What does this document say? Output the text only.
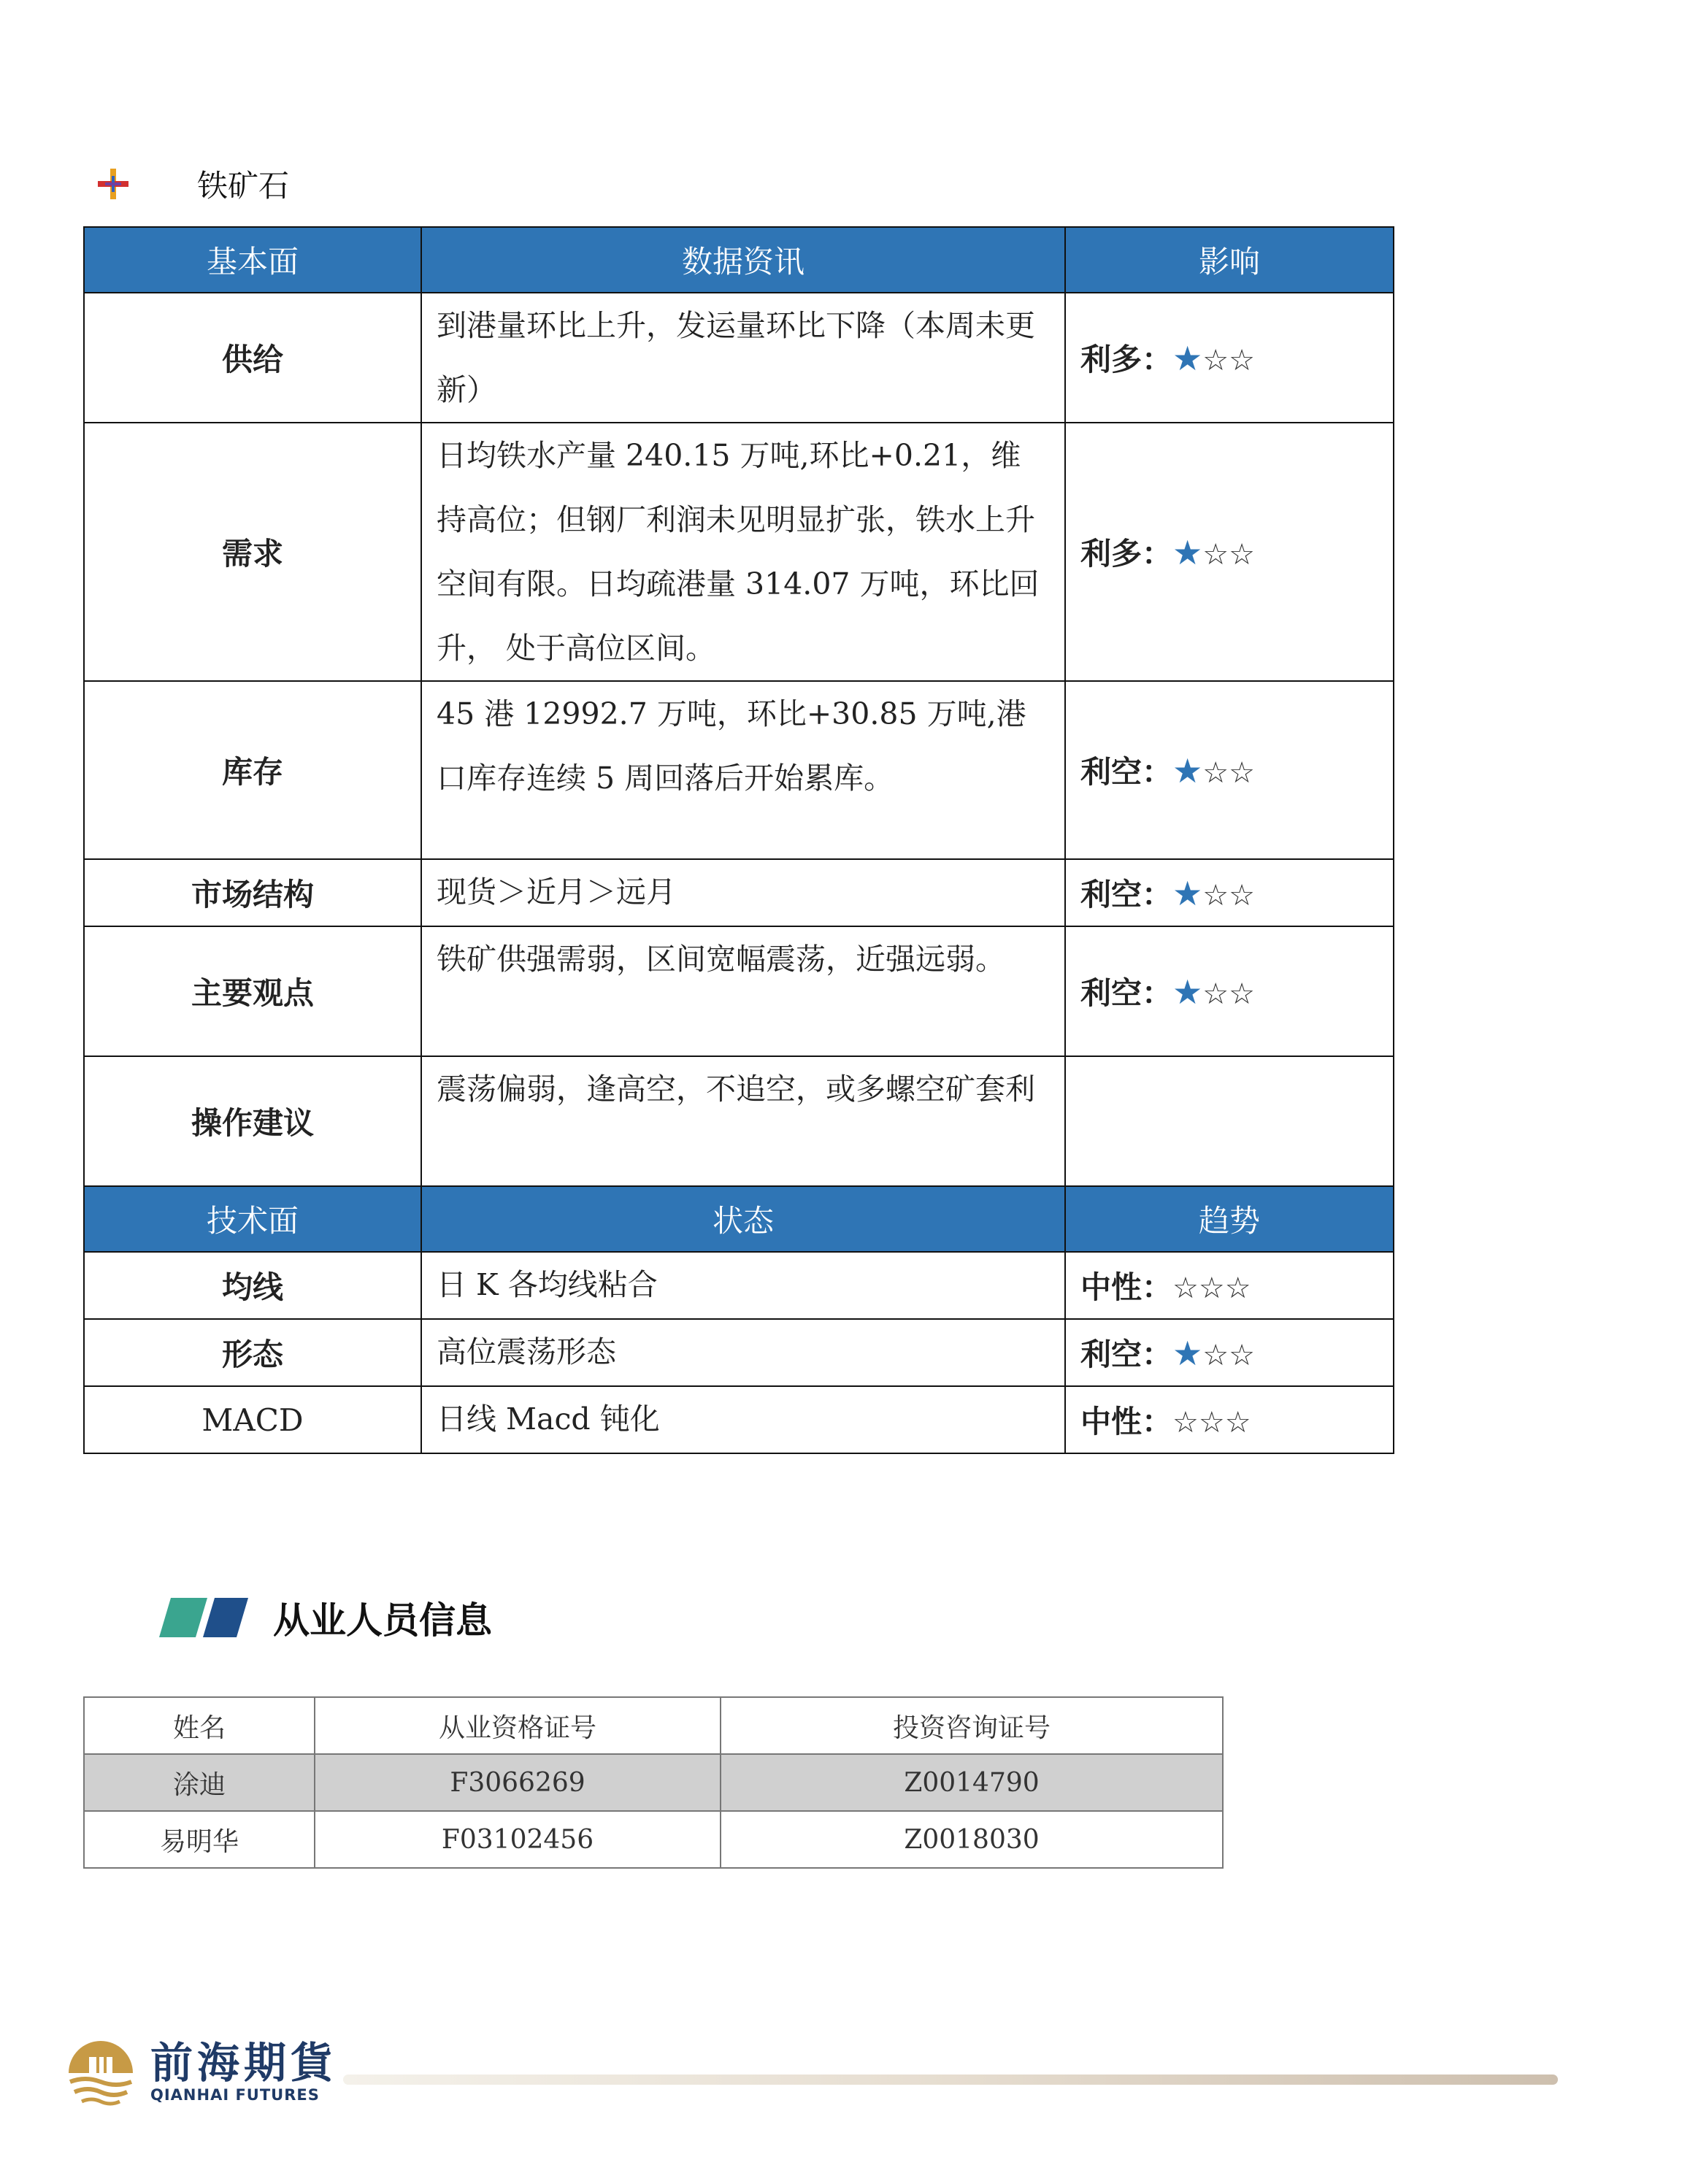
铁矿石
基本面	数据资讯	影响
供给	到港量环比上升，发运量环比下降（本周未更新）	利多：★☆☆
需求	日均铁水产量 240.15 万吨,环比+0.21，维持高位；但钢厂利润未见明显扩张，铁水上升空间有限。日均疏港量 314.07 万吨，环比回升， 处于高位区间。	利多：★☆☆
库存	45 港 12992.7 万吨，环比+30.85 万吨,港口库存连续 5 周回落后开始累库。	利空：★☆☆
市场结构	现货＞近月＞远月	利空：★☆☆
主要观点	铁矿供强需弱，区间宽幅震荡，近强远弱。	利空：★☆☆
操作建议	震荡偏弱，逢高空，不追空，或多螺空矿套利	
技术面	状态	趋势
均线	日 K 各均线粘合	中性：☆☆☆
形态	高位震荡形态	利空：★☆☆
MACD	日线 Macd 钝化	中性：☆☆☆
从业人员信息
姓名	从业资格证号	投资咨询证号
涂迪	F3066269	Z0014790
易明华	F03102456	Z0018030
前海期貨
QIANHAI FUTURES
